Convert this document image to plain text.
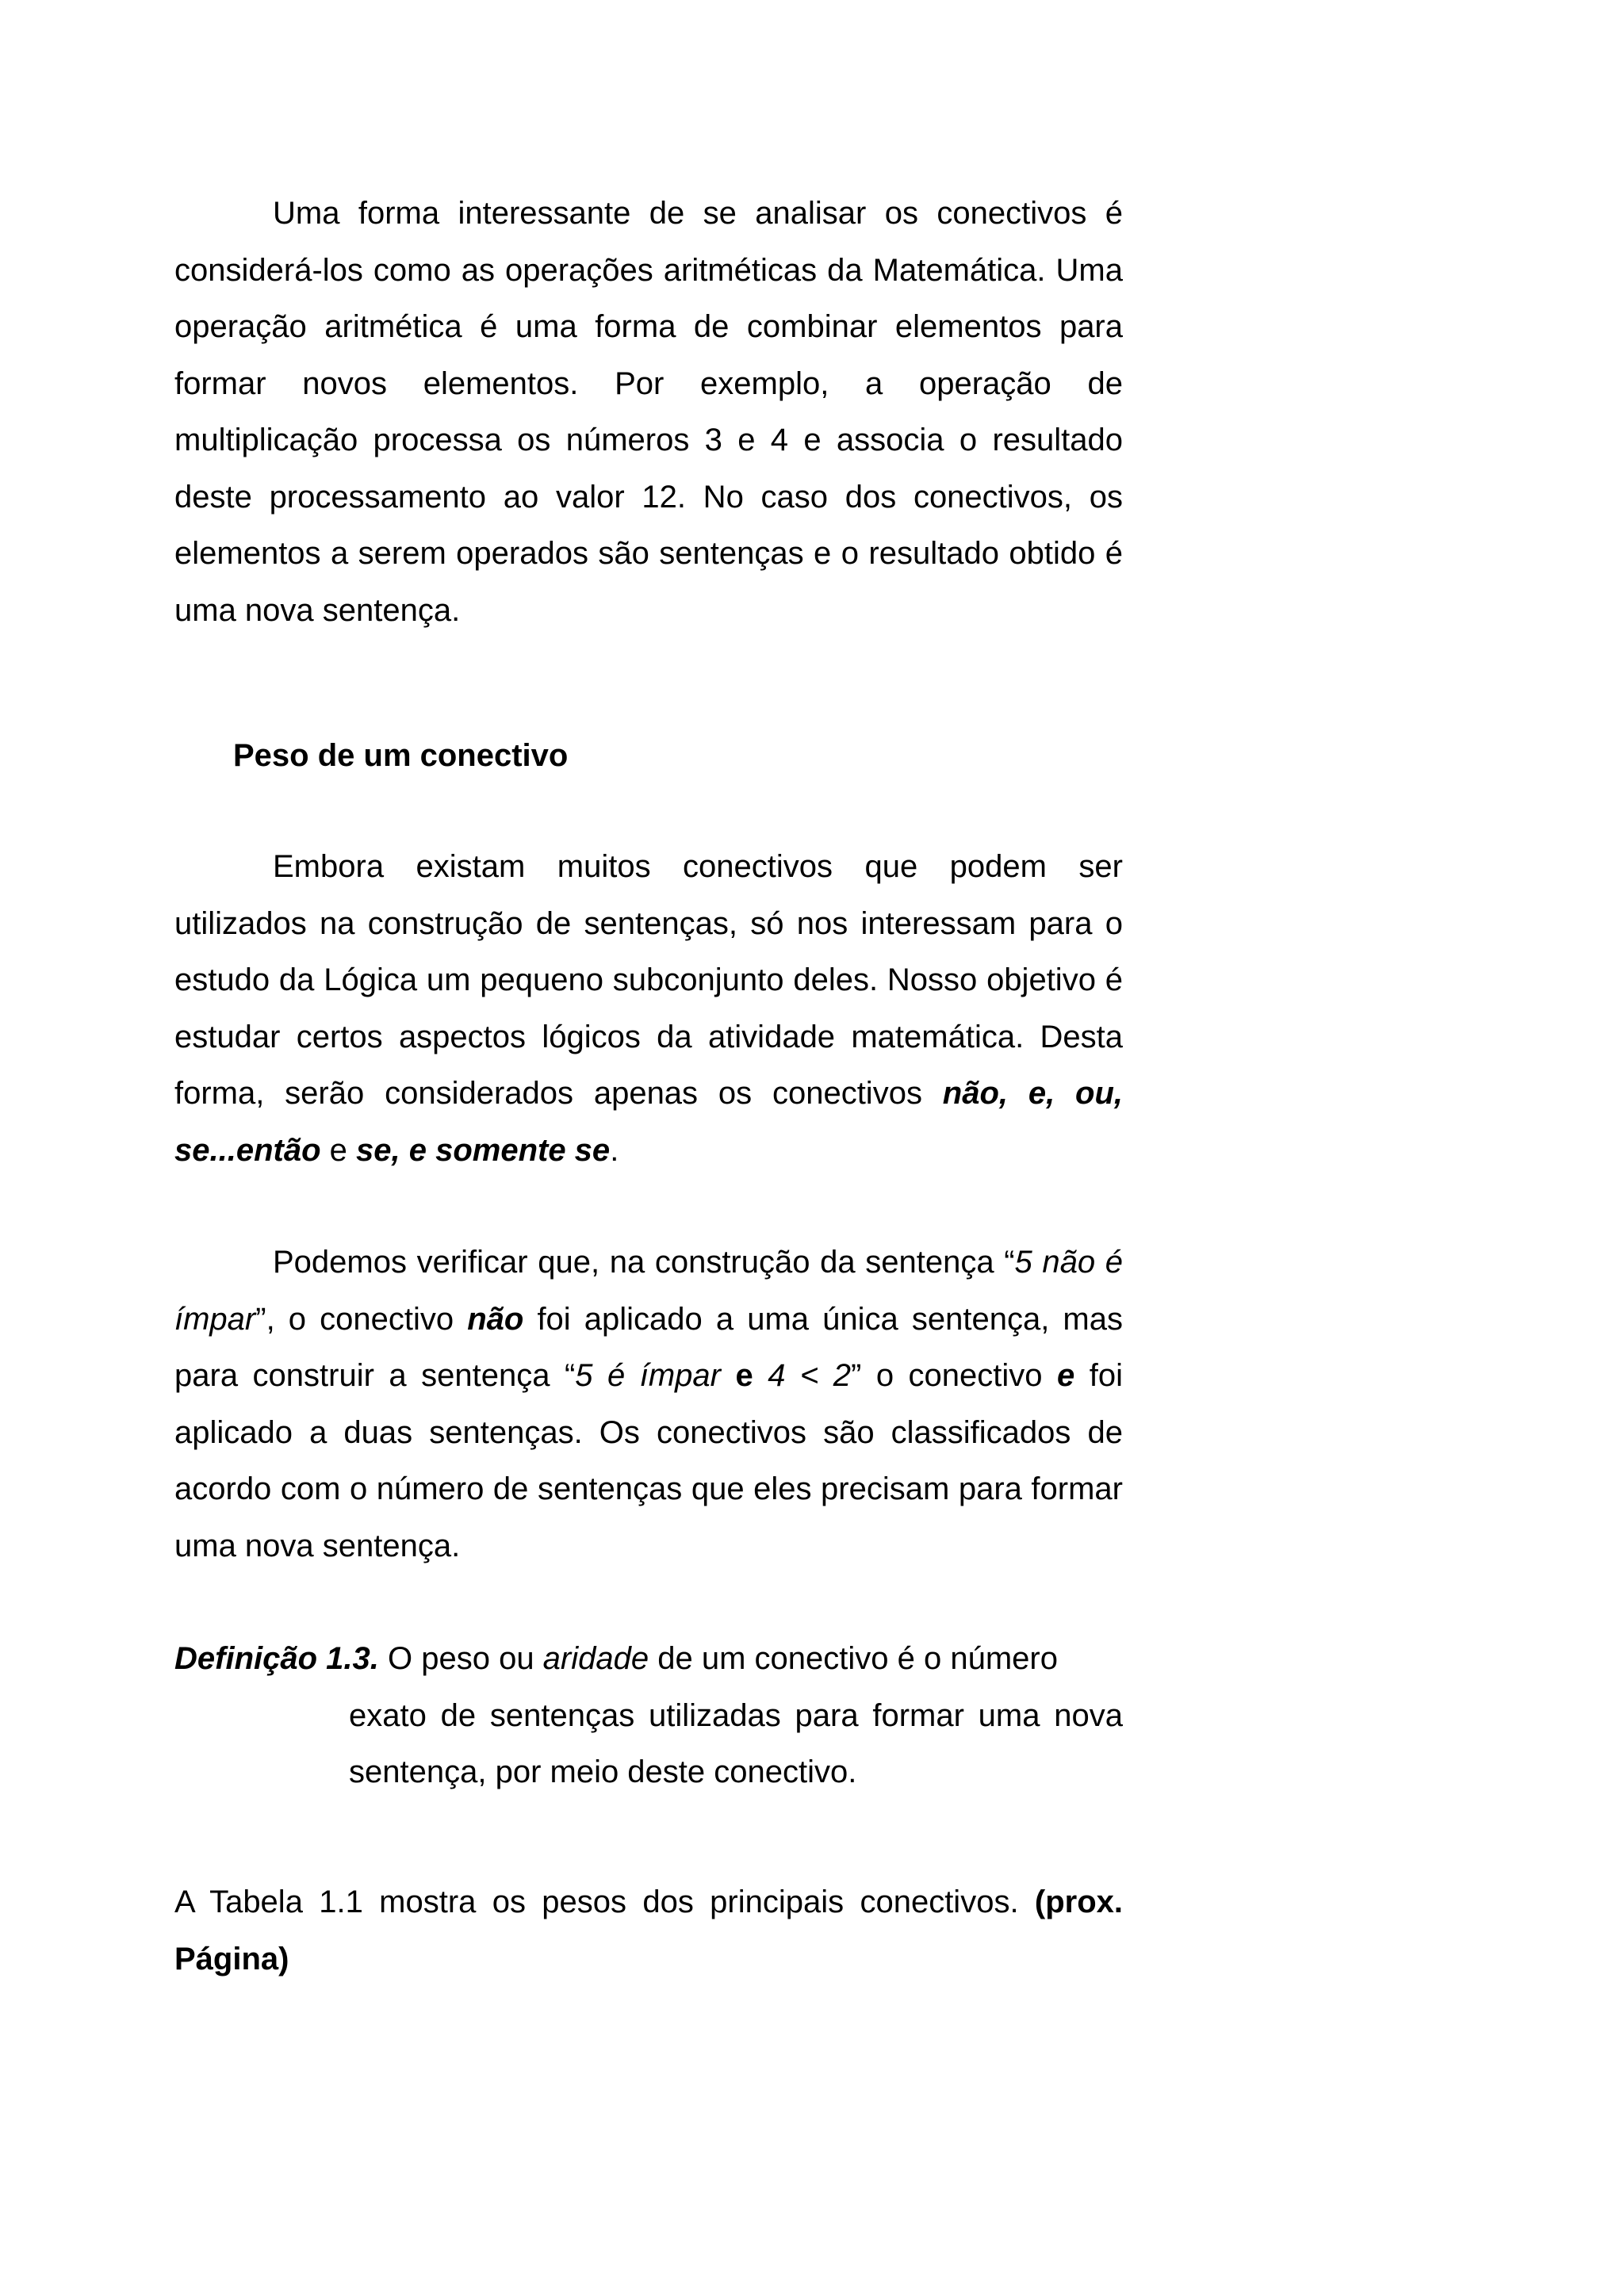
Uma forma interessante de se analisar os conectivos é considerá-los como as operações aritméticas da Matemática. Uma operação aritmética é uma forma de combinar elementos para formar novos elementos. Por exemplo, a operação de multiplicação processa os números 3 e 4 e associa o resultado deste processamento ao valor 12. No caso dos conectivos, os elementos a serem operados são sentenças e o resultado obtido é uma nova sentença.

Peso de um conectivo

Embora existam muitos conectivos que podem ser utilizados na construção de sentenças, só nos interessam para o estudo da Lógica um pequeno subconjunto deles. Nosso objetivo é estudar certos aspectos lógicos da atividade matemática. Desta forma, serão considerados apenas os conectivos não, e, ou, se...então e se, e somente se.

Podemos verificar que, na construção da sentença “5 não é ímpar”, o conectivo não foi aplicado a uma única sentença, mas para construir a sentença “5 é ímpar e 4 < 2” o conectivo e foi aplicado a duas sentenças. Os conectivos são classificados de acordo com o número de sentenças que eles precisam para formar uma nova sentença.

Definição 1.3. O peso ou aridade de um conectivo é o número

exato de sentenças utilizadas para formar uma nova sentença, por meio deste conectivo.

A Tabela 1.1 mostra os pesos dos principais conectivos. (prox. Página)
